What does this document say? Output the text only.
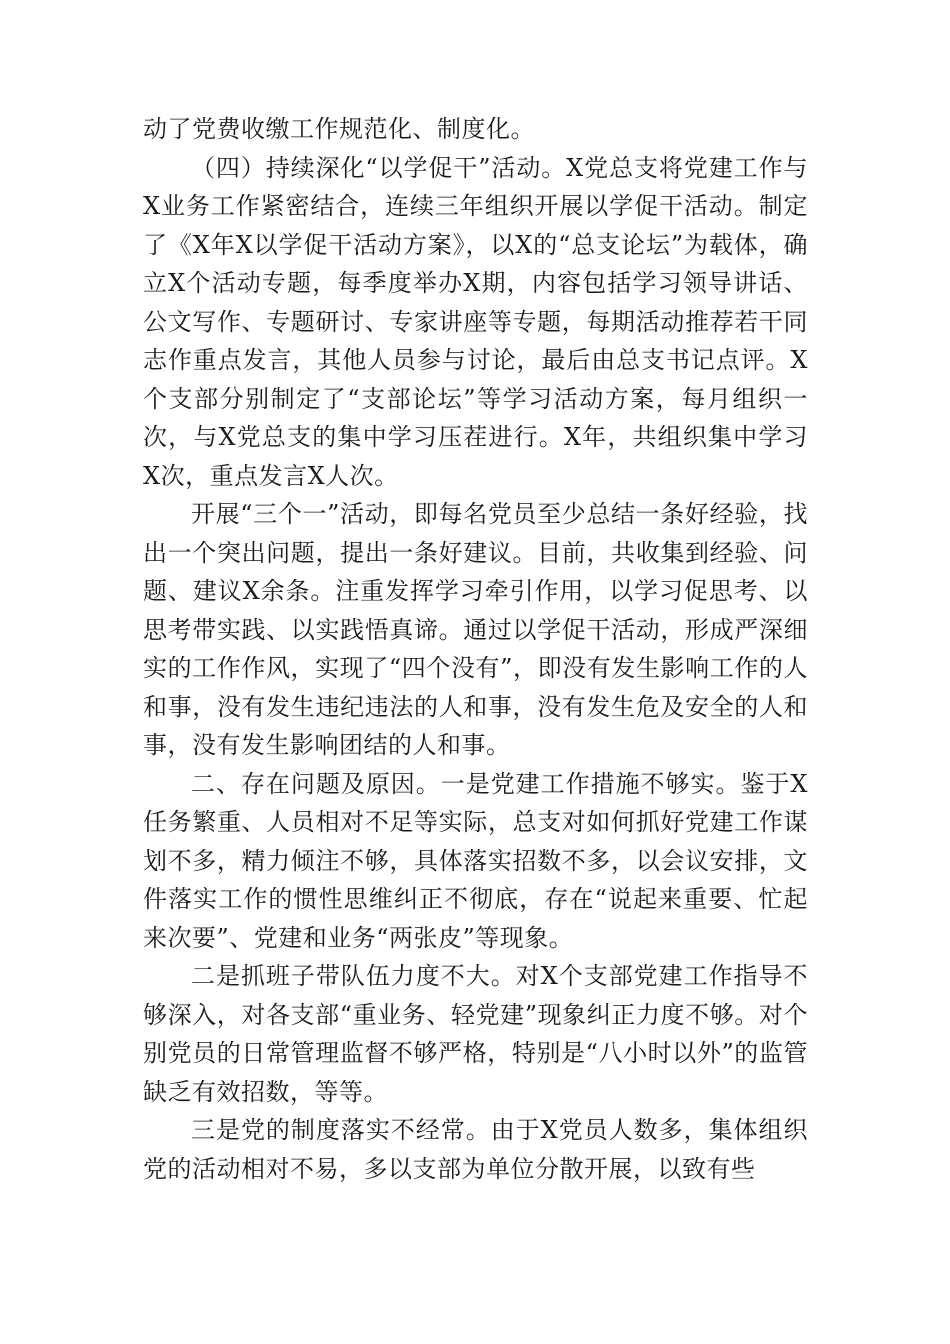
动了党费收缴工作规范化、制度化。

（四）持续深化“以学促干”活动。X党总支将党建工作与X业务工作紧密结合，连续三年组织开展以学促干活动。制定了《X年X以学促干活动方案》，以X的“总支论坛”为载体，确立X个活动专题，每季度举办X期，内容包括学习领导讲话、公文写作、专题研讨、专家讲座等专题，每期活动推荐若干同志作重点发言，其他人员参与讨论，最后由总支书记点评。X个支部分别制定了“支部论坛”等学习活动方案，每月组织一次，与X党总支的集中学习压茬进行。X年，共组织集中学习X次，重点发言X人次。

开展“三个一”活动，即每名党员至少总结一条好经验，找出一个突出问题，提出一条好建议。目前，共收集到经验、问题、建议X余条。注重发挥学习牵引作用，以学习促思考、以思考带实践、以实践悟真谛。通过以学促干活动，形成严深细实的工作作风，实现了“四个没有”，即没有发生影响工作的人和事，没有发生违纪违法的人和事，没有发生危及安全的人和事，没有发生影响团结的人和事。

二、存在问题及原因。一是党建工作措施不够实。鉴于X任务繁重、人员相对不足等实际，总支对如何抓好党建工作谋划不多，精力倾注不够，具体落实招数不多，以会议安排，文件落实工作的惯性思维纠正不彻底，存在“说起来重要、忙起来次要”、党建和业务“两张皮”等现象。

二是抓班子带队伍力度不大。对X个支部党建工作指导不够深入，对各支部“重业务、轻党建”现象纠正力度不够。对个别党员的日常管理监督不够严格，特别是“八小时以外”的监管缺乏有效招数，等等。

三是党的制度落实不经常。由于X党员人数多，集体组织党的活动相对不易，多以支部为单位分散开展，以致有些
